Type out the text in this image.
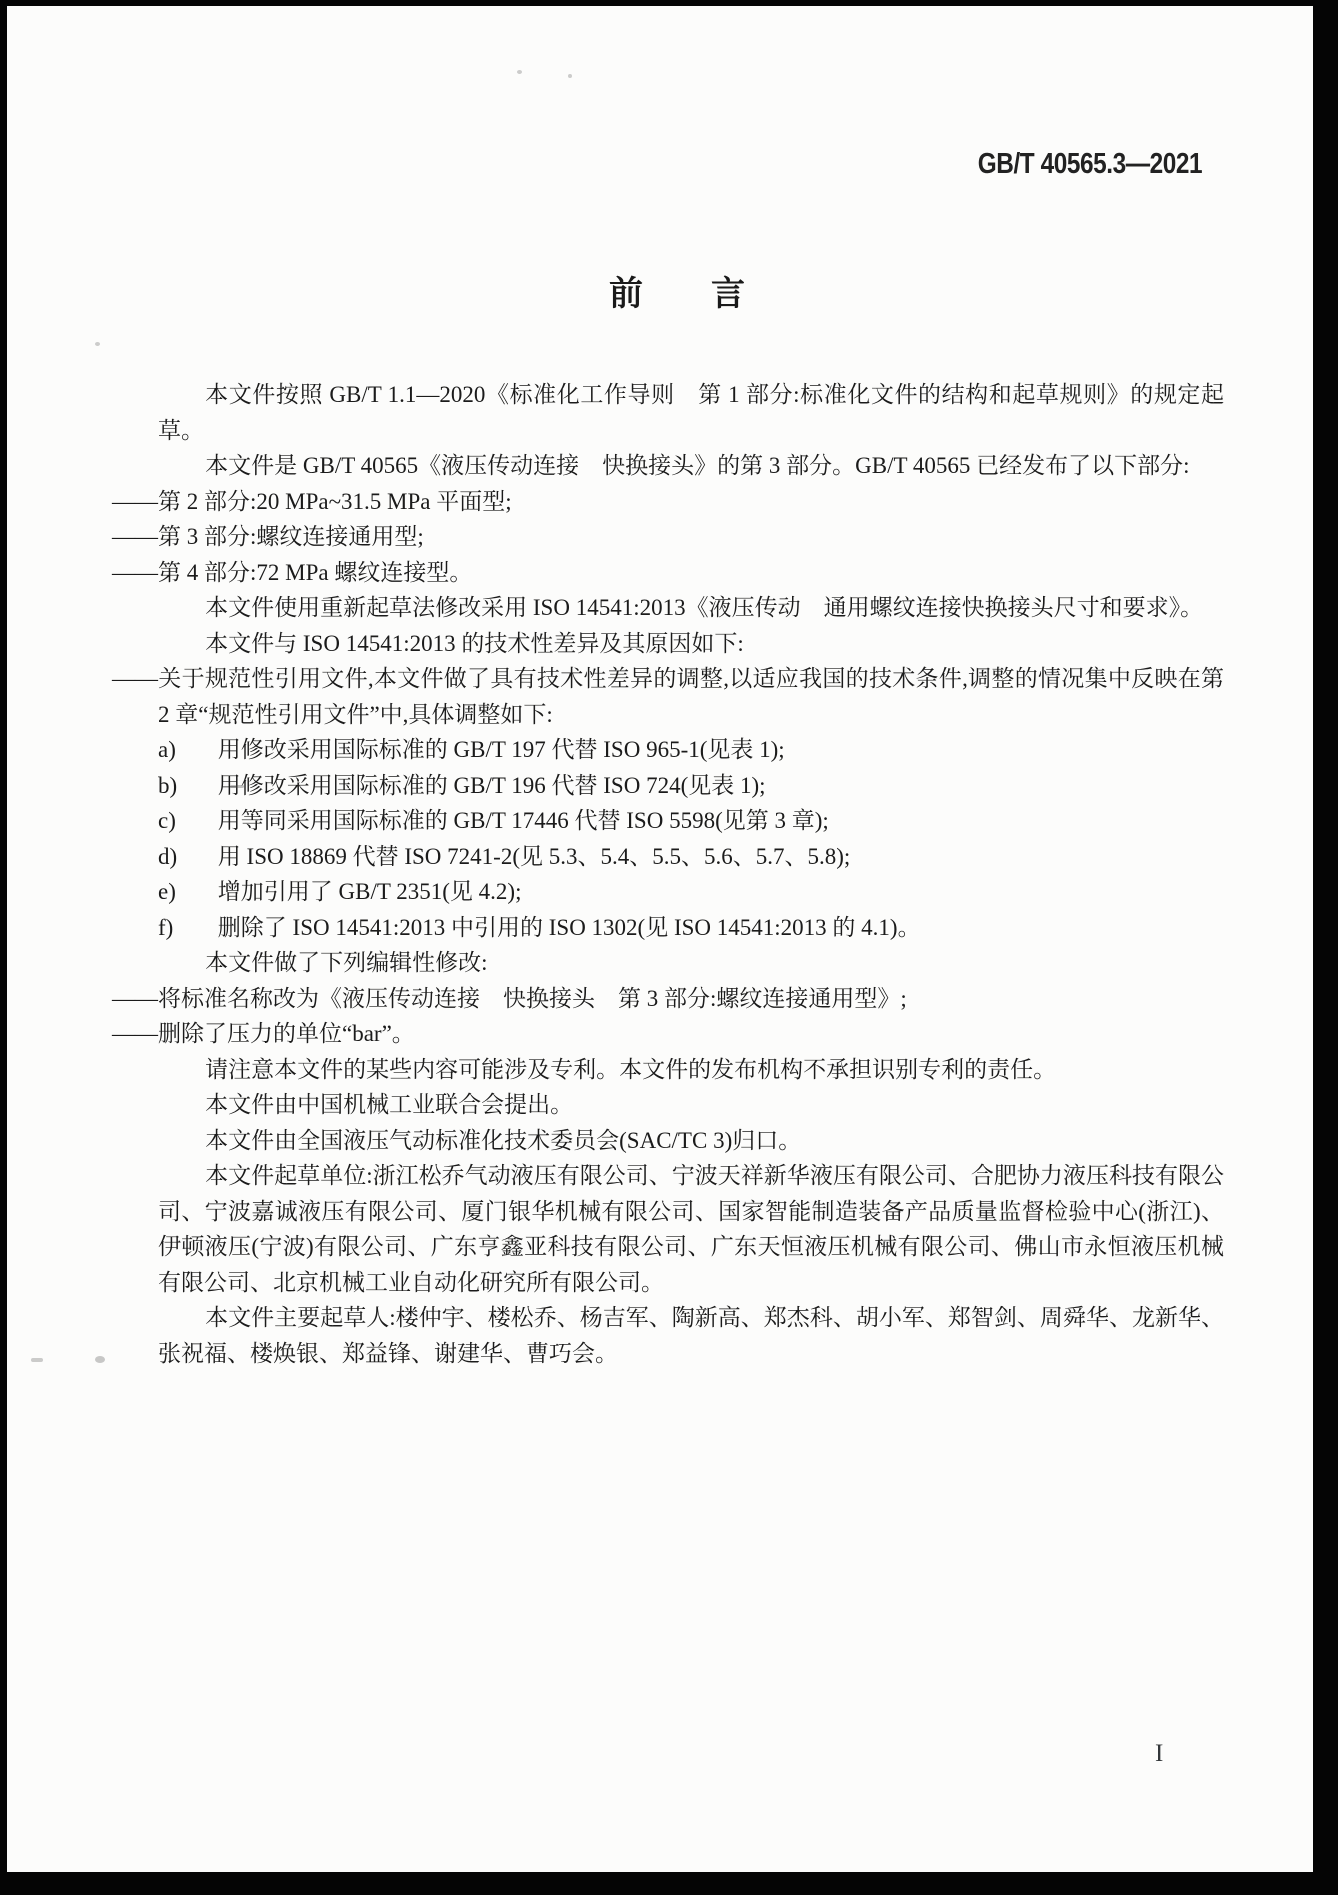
GB/T 40565.3—2021
前　　言

本文件按照 GB/T 1.1—2020《标准化工作导则　第 1 部分:标准化文件的结构和起草规则》的规定起草。

本文件是 GB/T 40565《液压传动连接　快换接头》的第 3 部分。GB/T 40565 已经发布了以下部分:

——第 2 部分:20 MPa~31.5 MPa 平面型;

——第 3 部分:螺纹连接通用型;

——第 4 部分:72 MPa 螺纹连接型。

本文件使用重新起草法修改采用 ISO 14541:2013《液压传动　通用螺纹连接快换接头尺寸和要求》。

本文件与 ISO 14541:2013 的技术性差异及其原因如下:

——关于规范性引用文件,本文件做了具有技术性差异的调整,以适应我国的技术条件,调整的情况集中反映在第 2 章“规范性引用文件”中,具体调整如下:

a) 用修改采用国际标准的 GB/T 197 代替 ISO 965-1(见表 1);

b) 用修改采用国际标准的 GB/T 196 代替 ISO 724(见表 1);

c) 用等同采用国际标准的 GB/T 17446 代替 ISO 5598(见第 3 章);

d) 用 ISO 18869 代替 ISO 7241-2(见 5.3、5.4、5.5、5.6、5.7、5.8);

e) 增加引用了 GB/T 2351(见 4.2);

f) 删除了 ISO 14541:2013 中引用的 ISO 1302(见 ISO 14541:2013 的 4.1)。

本文件做了下列编辑性修改:

——将标准名称改为《液压传动连接　快换接头　第 3 部分:螺纹连接通用型》;

——删除了压力的单位“bar”。

请注意本文件的某些内容可能涉及专利。本文件的发布机构不承担识别专利的责任。

本文件由中国机械工业联合会提出。

本文件由全国液压气动标准化技术委员会(SAC/TC 3)归口。

本文件起草单位:浙江松乔气动液压有限公司、宁波天祥新华液压有限公司、合肥协力液压科技有限公司、宁波嘉诚液压有限公司、厦门银华机械有限公司、国家智能制造装备产品质量监督检验中心(浙江)、伊顿液压(宁波)有限公司、广东亨鑫亚科技有限公司、广东天恒液压机械有限公司、佛山市永恒液压机械有限公司、北京机械工业自动化研究所有限公司。

本文件主要起草人:楼仲宇、楼松乔、杨吉军、陶新高、郑杰科、胡小军、郑智剑、周舜华、龙新华、张祝福、楼焕银、郑益锋、谢建华、曹巧会。

I
